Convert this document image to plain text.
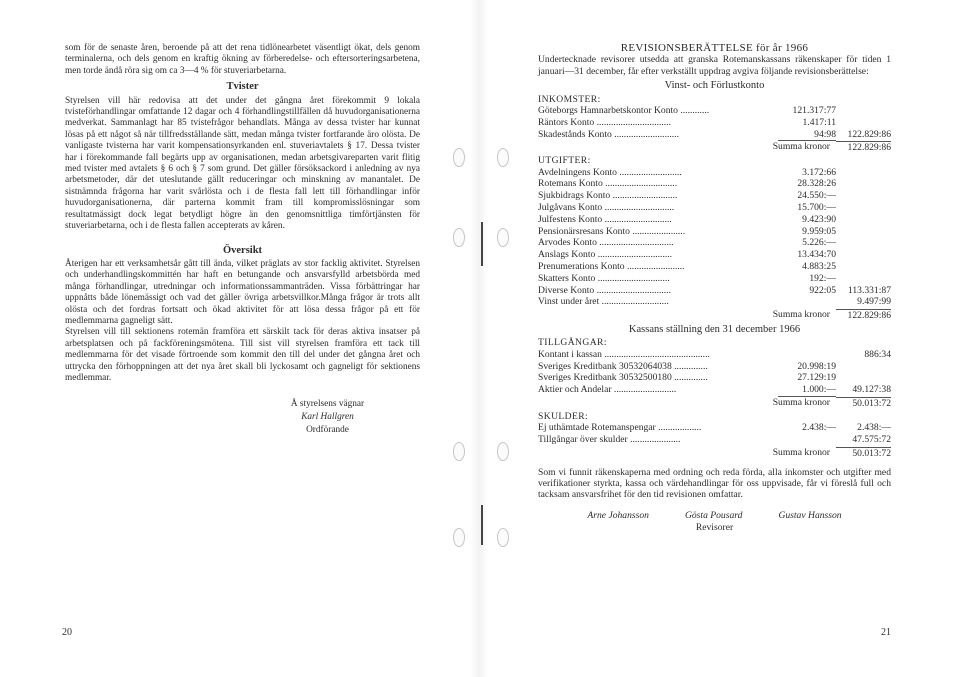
som för de senaste åren, beroende på att det rena tidlönearbetet väsentligt ökat, dels genom terminalerna, och dels genom en kraftig ökning av förberedelse- och eftersorteringsarbetena, men torde ändå röra sig om ca 3—4 % för stuveriarbetarna.

Tvister

Styrelsen vill här redovisa att det under det gångna året förekommit 9 lokala tvisteförhandlingar omfattande 12 dagar och 4 förhandlingstillfällen då huvudorganisationerna medverkat. Sammanlagt har 85 tvistefrågor behandlats. Många av dessa tvister har kunnat lösas på ett något så när tillfredsställande sätt, medan många tvister fortfarande äro olösta. De vanligaste tvisterna har varit kompensationsyrkanden enl. stuveriavtalets § 17. Dessa tvister har i förekommande fall begärts upp av organisationen, medan arbetsgivareparten varit flitig med tvister med avtalets § 6 och § 7 som grund. Det gäller försöksackord i anledning av nya arbetsmetoder, där det uteslutande gällt reduceringar och minskning av manantalet. De sistnämnda frågorna har varit svårlösta och i de flesta fall lett till förhandlingar inför huvudorganisationerna, där parterna kommit fram till kompromisslösningar som resultatmässigt dock legat betydligt högre än den genomsnittliga timförtjänsten för stuveriarbetarna, och i de flesta fallen accepterats av kåren.

Översikt

Återigen har ett verksamhetsår gått till ända, vilket präglats av stor facklig aktivitet. Styrelsen och underhandlingskommittén har haft en betungande och ansvarsfylld arbetsbörda med många förhandlingar, utredningar och informationssammanträden. Vissa förbättringar har uppnåtts både lönemässigt och vad det gäller övriga arbetsvillkor.Många frågor är trots allt olösta och det fordras fortsatt och ökad aktivitet för att lösa dessa frågor på ett för medlemmarna gagneligt sätt.

Styrelsen vill till sektionens rotemän framföra ett särskilt tack för deras aktiva insatser på arbetsplatsen och på fackföreningsmötena. Till sist vill styrelsen framföra ett tack till medlemmarna för det visade förtroende som kommit den till del under det gångna året och uttrycka den förhoppningen att det nya året skall bli lyckosamt och gagneligt för sektionens medlemmar.

Å styrelsens vägnar
Karl Hallgren
Ordförande
20
REVISIONSBERÄTTELSE för år 1966

Undertecknade revisorer utsedda att granska Rotemanskassans räkenskaper för tiden 1 januari—31 december, får efter verkställt uppdrag avgiva följande revisionsberättelse:

Vinst- och Förlustkonto
INKOMSTER:
Göteborgs Hamnarbetskontor Konto ............	121.317:77
Räntors Konto ...............................	1.417:11
Skadestånds Konto ...........................	94:98	122.829:86
Summa kronor	122.829:86
UTGIFTER:
Avdelningens Konto ..........................	3.172:66
Rotemans Konto ..............................	28.328:26
Sjukbidrags Konto ...........................	24.550:—
Julgåvans Konto .............................	15.700:—
Julfestens Konto ............................	9.423:90
Pensionärsresans Konto ......................	9.959:05
Arvodes Konto ...............................	5.226:—
Anslags Konto ...............................	13.434:70
Prenumerations Konto ........................	4.883:25
Skatters Konto ..............................	192:—
Diverse Konto ...............................	922:05	113.331:87
Vinst under året ............................	9.497:99
Summa kronor	122.829:86
Kassans ställning den 31 december 1966
TILLGÅNGAR:
Kontant i kassan ............................................	886:34
Sveriges Kreditbank 30532064038 ..............	20.998:19
Sveriges Kreditbank 30532500180 ..............	27.129:19
Aktier och Andelar ..........................	1.000:—	49.127:38
Summa kronor	50.013:72
SKULDER:
Ej uthämtade Rotemanspengar ..................	2.438:—	2.438:—
Tillgångar över skulder .....................	47.575:72
Summa kronor	50.013:72

Som vi funnit räkenskaperna med ordning och reda förda, alla inkomster och utgifter med verifikationer styrkta, kassa och värdehandlingar för oss uppvisade, får vi föreslå full och tacksam ansvarsfrihet för den tid revisionen omfattar.

Arne Johansson	Gösta Pousard	Gustav Hansson
Revisorer
21
